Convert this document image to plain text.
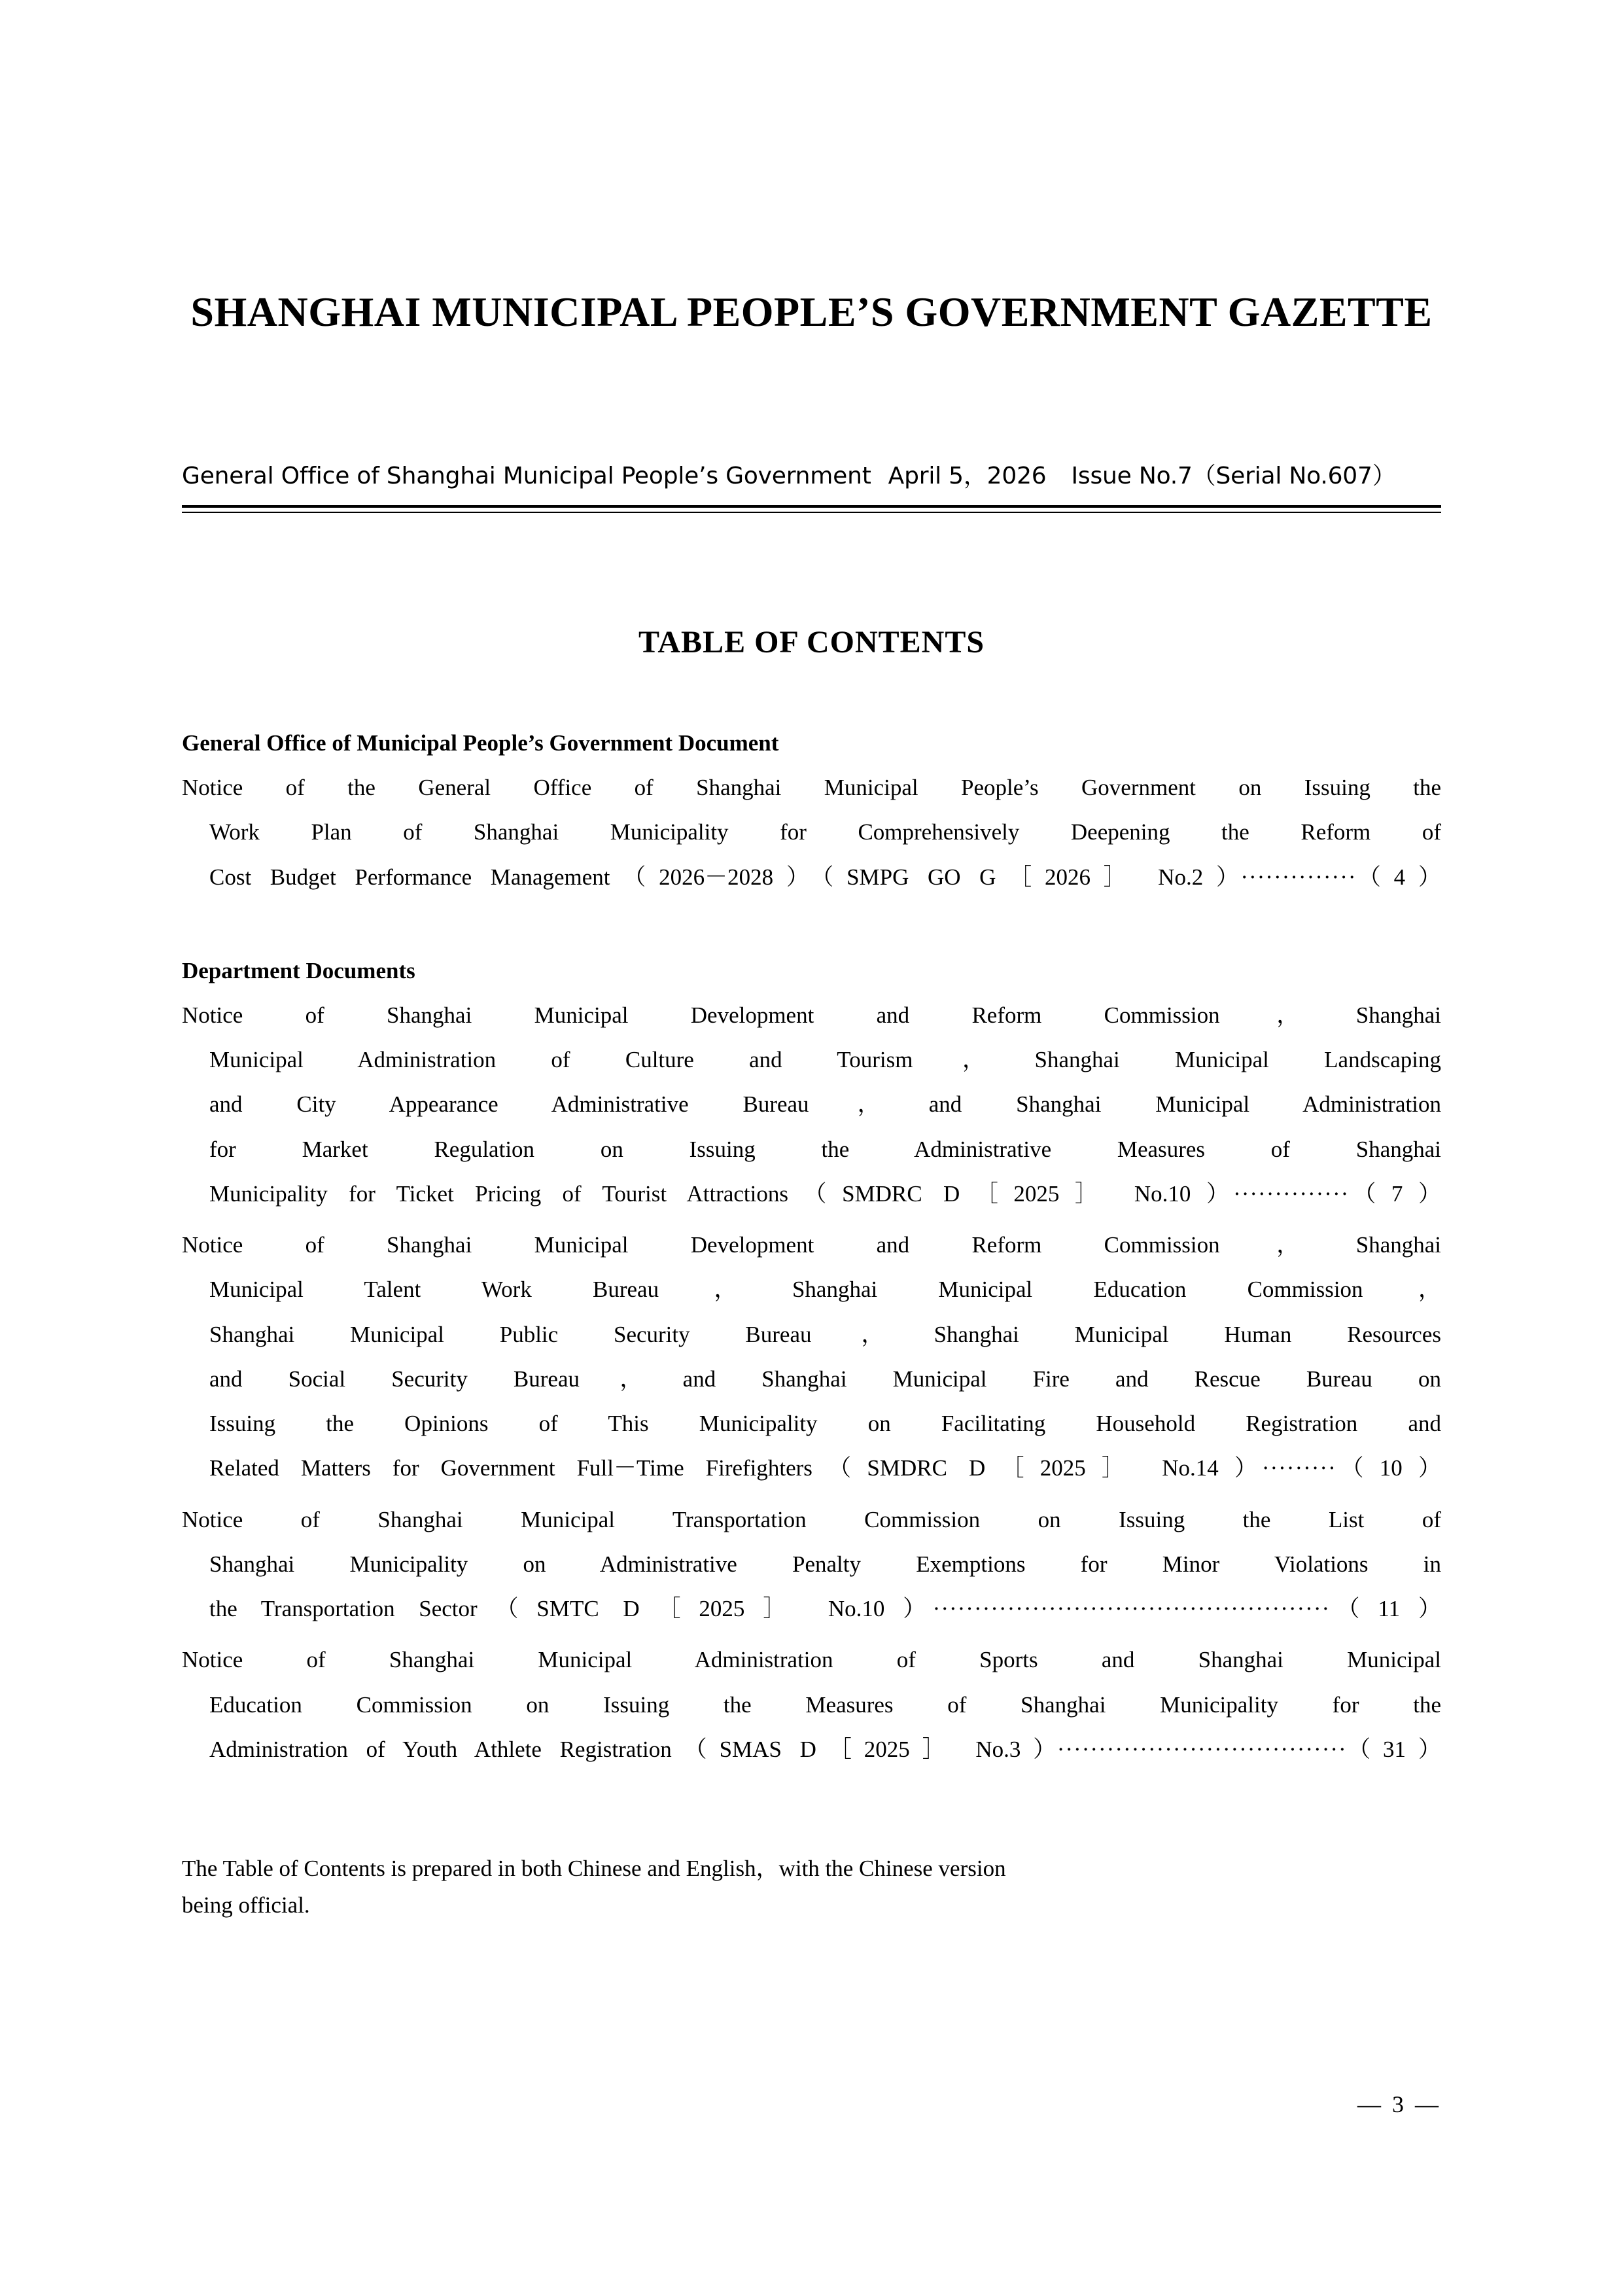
SHANGHAI MUNICIPAL PEOPLE’S GOVERNMENT GAZETTE
General Office of Shanghai Municipal People’s Government April 5，2026 Issue No.7（Serial No.607）
TABLE OF CONTENTS
General Office of Municipal People’s Government Document

Notice of the General Office of Shanghai Municipal People’s Government on Issuing the

Work Plan of Shanghai Municipality for Comprehensively Deepening the Reform of

Cost Budget Performance Management（2026－2028）（SMPG GO G［2026］ No.2）··············（4）

Department Documents

Notice of Shanghai Municipal Development and Reform Commission，Shanghai

Municipal Administration of Culture and Tourism，Shanghai Municipal Landscaping

and City Appearance Administrative Bureau，and Shanghai Municipal Administration

for Market Regulation on Issuing the Administrative Measures of Shanghai

Municipality for Ticket Pricing of Tourist Attractions（SMDRC D［2025］ No.10）··············（7）

Notice of Shanghai Municipal Development and Reform Commission，Shanghai

Municipal Talent Work Bureau，Shanghai Municipal Education Commission，

Shanghai Municipal Public Security Bureau，Shanghai Municipal Human Resources

and Social Security Bureau，and Shanghai Municipal Fire and Rescue Bureau on

Issuing the Opinions of This Municipality on Facilitating Household Registration and

Related Matters for Government Full－Time Firefighters（SMDRC D［2025］ No.14）·········（10）

Notice of Shanghai Municipal Transportation Commission on Issuing the List of

Shanghai Municipality on Administrative Penalty Exemptions for Minor Violations in

the Transportation Sector（SMTC D［2025］ No.10）················································（11）

Notice of Shanghai Municipal Administration of Sports and Shanghai Municipal

Education Commission on Issuing the Measures of Shanghai Municipality for the

Administration of Youth Athlete Registration（SMAS D［2025］ No.3）···································（31）

The Table of Contents is prepared in both Chinese and English，with the Chinese version
being official.
— 3 —
